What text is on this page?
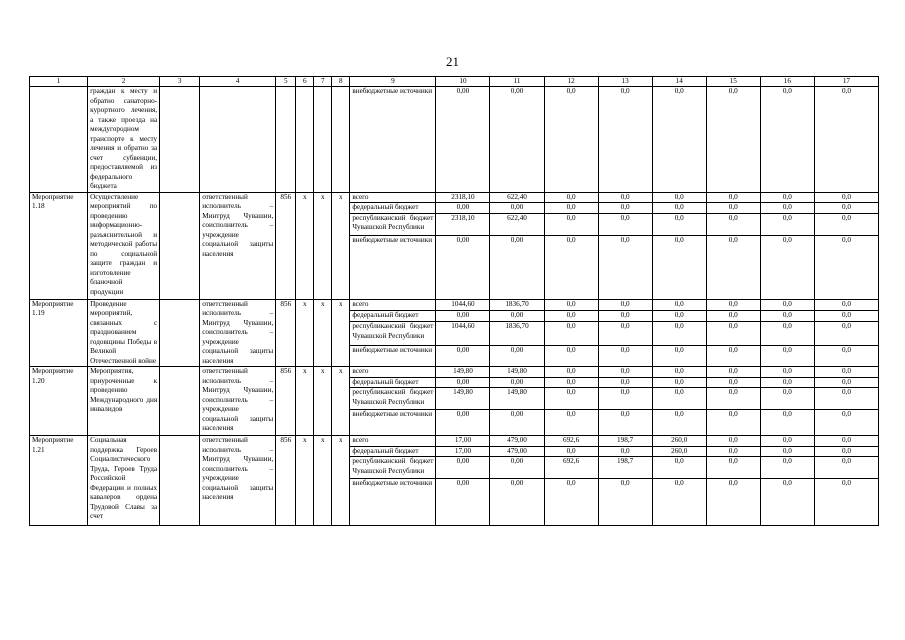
21
1	2	3	4	5	6	7	8	9	10	11	12	13	14	15	16	17
	граждан к месту и обратно санаторно-курортного лечения, а также проезда на междугородном транспорте к месту лечения и обратно за счет субвенции, предоставляемой из федерального бюджета							внебюджетные источники	0,00	0,00	0,0	0,0	0,0	0,0	0,0	0,0
Мероприятие 1.18	Осуществление мероприятий по проведению информационно-разъяснительной и методической работы по социальной защите граждан и изготовление бланочной продукции		ответственный исполнитель – Минтруд Чувашии, соисполнитель – учреждение социальной защиты населения	856	x	x	x	всего	2318,10	622,40	0,0	0,0	0,0	0,0	0,0	0,0
								федеральный бюджет	0,00	0,00	0,0	0,0	0,0	0,0	0,0	0,0
								республиканский бюджет Чувашской Республики	2318,10	622,40	0,0	0,0	0,0	0,0	0,0	0,0
								внебюджетные источники	0,00	0,00	0,0	0,0	0,0	0,0	0,0	0,0
Мероприятие 1.19	Проведение мероприятий, связанных с празднованием годовщины Победы в Великой Отечественной войне		ответственный исполнитель – Минтруд Чувашии, соисполнитель – учреждение социальной защиты населения	856	x	x	x	всего	1044,60	1836,70	0,0	0,0	0,0	0,0	0,0	0,0
								федеральный бюджет	0,00	0,00	0,0	0,0	0,0	0,0	0,0	0,0
								республиканский бюджет Чувашской Республики	1044,60	1836,70	0,0	0,0	0,0	0,0	0,0	0,0
								внебюджетные источники	0,00	0,00	0,0	0,0	0,0	0,0	0,0	0,0
Мероприятие 1.20	Мероприятия, приуроченные к проведению Международного дня инвалидов		ответственный исполнитель – Минтруд Чувашии, соисполнитель – учреждение социальной защиты населения	856	x	x	x	всего	149,80	149,80	0,0	0,0	0,0	0,0	0,0	0,0
								федеральный бюджет	0,00	0,00	0,0	0,0	0,0	0,0	0,0	0,0
								республиканский бюджет Чувашской Республики	149,80	149,80	0,0	0,0	0,0	0,0	0,0	0,0
								внебюджетные источники	0,00	0,00	0,0	0,0	0,0	0,0	0,0	0,0
Мероприятие 1.21	Социальная поддержка Героев Социалистического Труда, Героев Труда Российской Федерации и полных кавалеров ордена Трудовой Славы за счет		ответственный исполнитель – Минтруд Чувашии, соисполнитель – учреждение социальной защиты населения	856	x	x	x	всего	17,00	479,00	692,6	198,7	260,0	0,0	0,0	0,0
								федеральный бюджет	17,00	479,00	0,0	0,0	260,0	0,0	0,0	0,0
								республиканский бюджет Чувашской Республики	0,00	0,00	692,6	198,7	0,0	0,0	0,0	0,0
								внебюджетные источники	0,00	0,00	0,0	0,0	0,0	0,0	0,0	0,0
